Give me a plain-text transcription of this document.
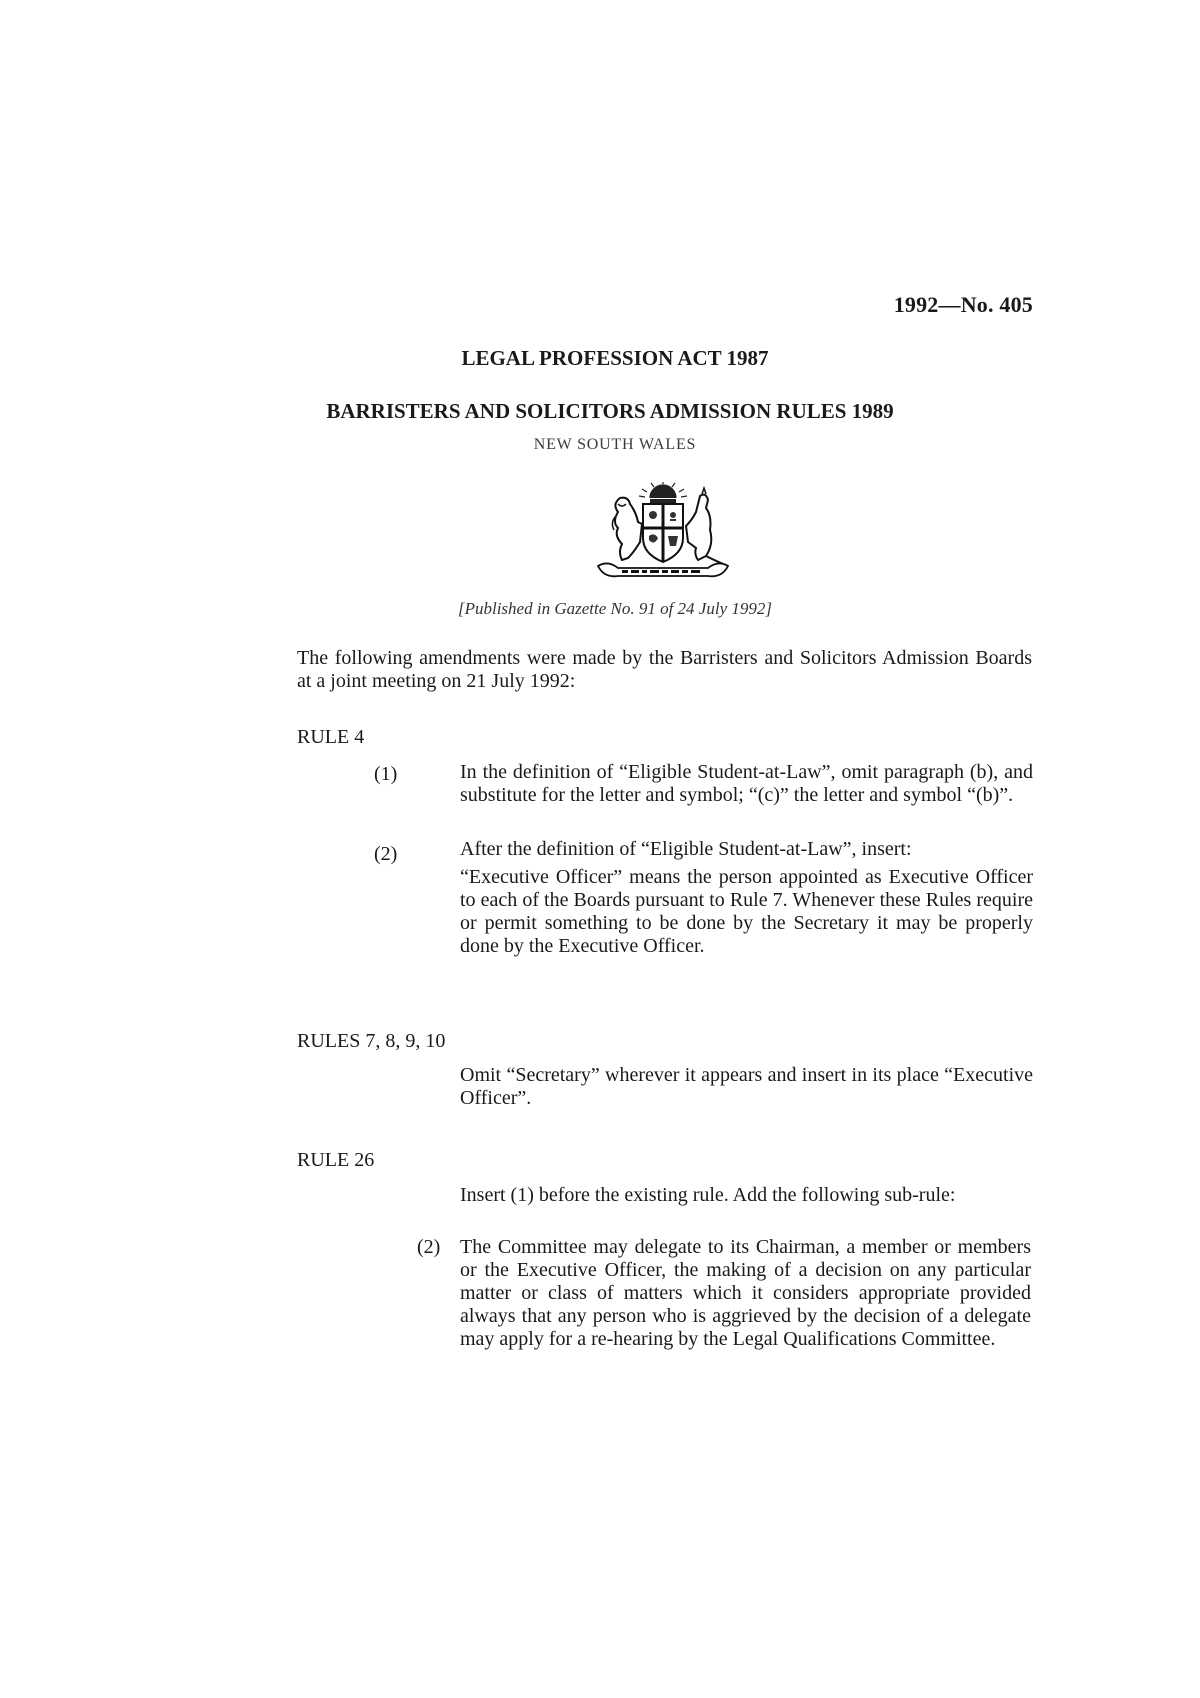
1992—No. 405
LEGAL PROFESSION ACT 1987
BARRISTERS AND SOLICITORS ADMISSION RULES 1989
NEW SOUTH WALES
[Published in Gazette No. 91 of 24 July 1992]
The following amendments were made by the Barristers and Solicitors Admission Boards at a joint meeting on 21 July 1992:
RULE 4
(1)	In the definition of “Eligible Student-at-Law”, omit paragraph (b), and substitute for the letter and symbol; “(c)” the letter and symbol “(b)”.
(2)	After the definition of “Eligible Student-at-Law”, insert:
“Executive Officer” means the person appointed as Executive Officer to each of the Boards pursuant to Rule 7. Whenever these Rules require or permit something to be done by the Secretary it may be properly done by the Executive Officer.
RULES 7, 8, 9, 10
Omit “Secretary” wherever it appears and insert in its place “Executive Officer”.
RULE 26
Insert (1) before the existing rule. Add the following sub-rule:
(2) The Committee may delegate to its Chairman, a member or members or the Executive Officer, the making of a decision on any particular matter or class of matters which it considers appropriate provided always that any person who is aggrieved by the decision of a delegate may apply for a re-hearing by the Legal Qualifications Committee.
